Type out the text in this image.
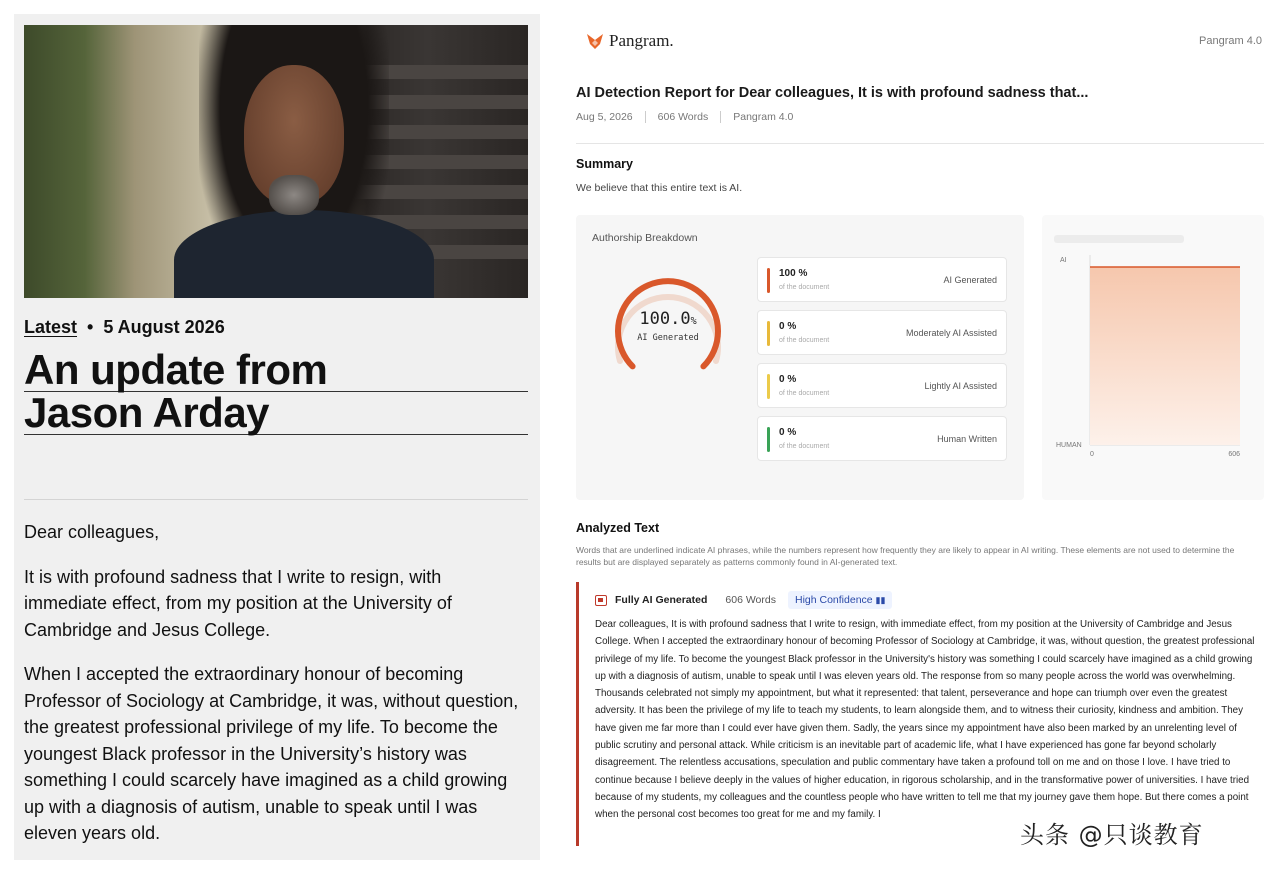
Latest • 5 August 2026
An update from
Jason Arday

Dear colleagues,

It is with profound sadness that I write to resign, with immediate effect, from my position at the University of Cambridge and Jesus College.

When I accepted the extraordinary honour of becoming Professor of Sociology at Cambridge, it was, without question, the greatest professional privilege of my life. To become the youngest Black professor in the University’s history was something I could scarcely have imagined as a child growing up with a diagnosis of autism, unable to speak until I was eleven years old.

Pangram.	Pangram 4.0
AI Detection Report for Dear colleagues, It is with profound sadness that...
Aug 5, 2026	606 Words	Pangram 4.0
Summary
We believe that this entire text is AI.
Authorship Breakdown
100.0%
AI Generated
100 %
of the document
AI Generated
0 %
of the document
Moderately AI Assisted
0 %
of the document
Lightly AI Assisted
0 %
of the document
Human Written
AI
HUMAN
0	606
Analyzed Text
Words that are underlined indicate AI phrases, while the numbers represent how frequently they are likely to appear in AI writing. These elements are not used to determine the results but are displayed separately as patterns commonly found in AI-generated text.
Fully AI Generated 606 Words	High Confidence ▮▮
Dear colleagues, It is with profound sadness that I write to resign, with immediate effect, from my position at the University of Cambridge and Jesus College. When I accepted the extraordinary honour of becoming Professor of Sociology at Cambridge, it was, without question, the greatest professional privilege of my life. To become the youngest Black professor in the University's history was something I could scarcely have imagined as a child growing up with a diagnosis of autism, unable to speak until I was eleven years old. The response from so many people across the world was overwhelming. Thousands celebrated not simply my appointment, but what it represented: that talent, perseverance and hope can triumph over even the greatest adversity. It has been the privilege of my life to teach my students, to learn alongside them, and to witness their curiosity, kindness and ambition. They have given me far more than I could ever have given them. Sadly, the years since my appointment have also been marked by an unrelenting level of public scrutiny and personal attack. While criticism is an inevitable part of academic life, what I have experienced has gone far beyond scholarly disagreement. The relentless accusations, speculation and public commentary have taken a profound toll on me and on those I love. I have tried to continue because I believe deeply in the values of higher education, in rigorous scholarship, and in the transformative power of universities. I have tried because of my students, my colleagues and the countless people who have written to tell me that my journey gave them hope. But there comes a point when the personal cost becomes too great for me and my family. I
头条 @只谈教育
